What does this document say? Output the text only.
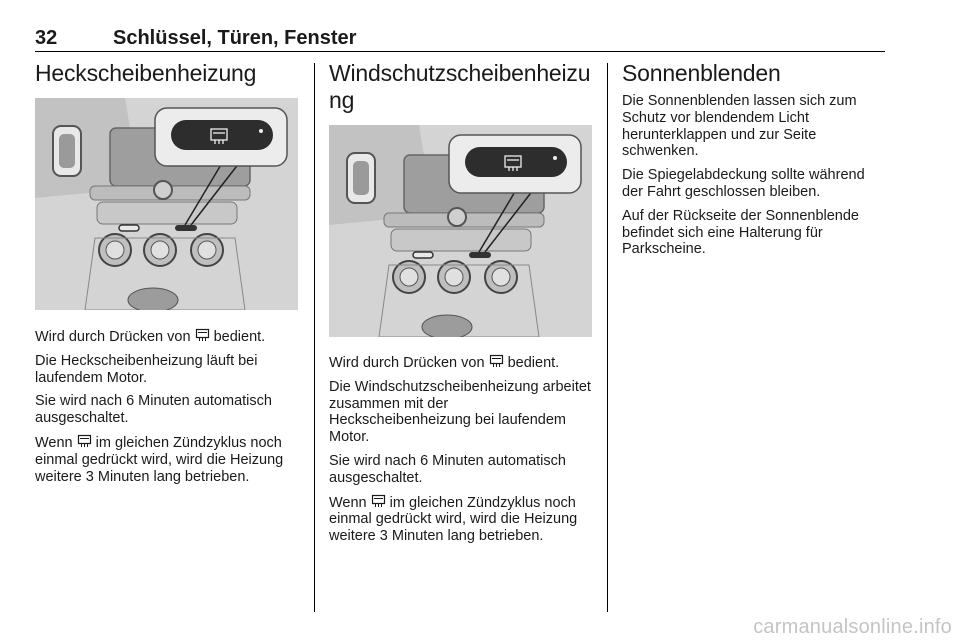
32	Schlüssel, Türen, Fenster
Heckscheibenheizung

Wird durch Drücken von  bedient.

Die Heckscheibenheizung läuft bei laufendem Motor.

Sie wird nach 6 Minuten automatisch ausgeschaltet.

Wenn  im gleichen Zündzyklus noch einmal gedrückt wird, wird die Heizung weitere 3 Minuten lang betrieben.

Windschutzscheibenheizung

Wird durch Drücken von  bedient.

Die Windschutzscheibenheizung arbeitet zusammen mit der Heckscheibenheizung bei laufendem Motor.

Sie wird nach 6 Minuten automatisch ausgeschaltet.

Wenn  im gleichen Zündzyklus noch einmal gedrückt wird, wird die Heizung weitere 3 Minuten lang betrieben.

Sonnenblenden

Die Sonnenblenden lassen sich zum Schutz vor blendendem Licht herunterklappen und zur Seite schwenken.

Die Spiegelabdeckung sollte während der Fahrt geschlossen bleiben.

Auf der Rückseite der Sonnenblende befindet sich eine Halterung für Parkscheine.

carmanualsonline.info
